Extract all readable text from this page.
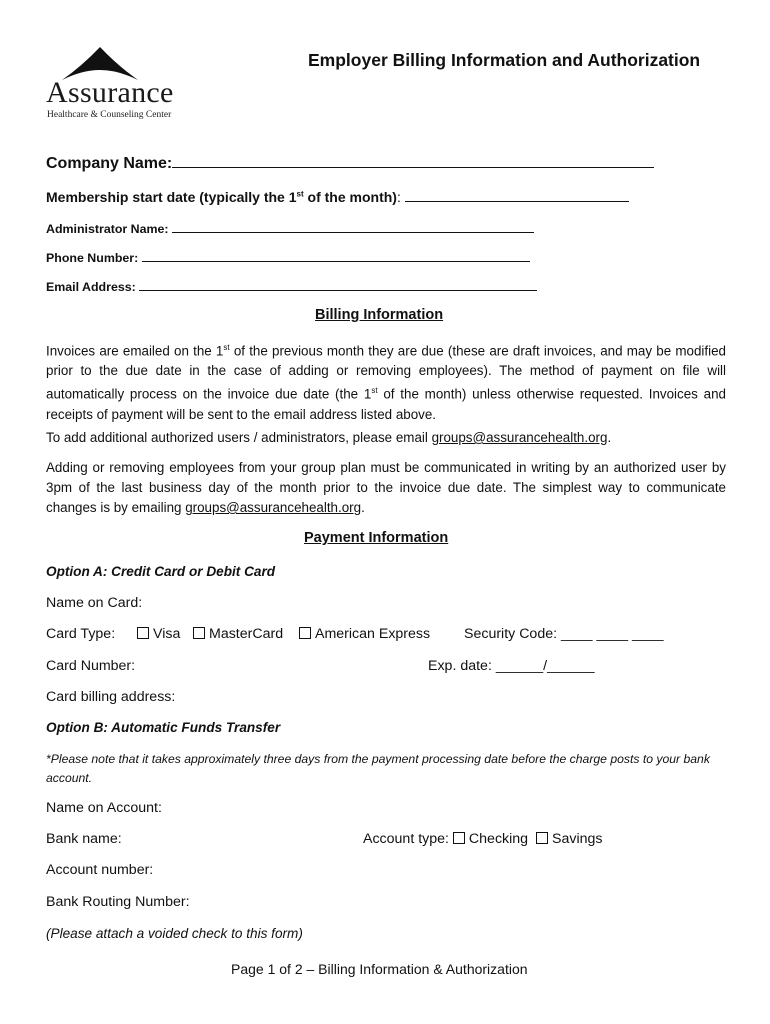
Assurance
Healthcare & Counseling Center
Employer Billing Information and Authorization
Company Name:
Membership start date (typically the 1st of the month):
Administrator Name:
Phone Number:
Email Address:
Billing Information
Invoices are emailed on the 1st of the previous month they are due (these are draft invoices, and may be modified prior to the due date in the case of adding or removing employees). The method of payment on file will automatically process on the invoice due date (the 1st of the month) unless otherwise requested. Invoices and receipts of payment will be sent to the email address listed above.
To add additional authorized users / administrators, please email groups@assurancehealth.org.
Adding or removing employees from your group plan must be communicated in writing by an authorized user by 3pm of the last business day of the month prior to the invoice due date. The simplest way to communicate changes is by emailing groups@assurancehealth.org.
Payment Information
Option A: Credit Card or Debit Card
Name on Card:
Card Type:	Visa	MasterCard	American Express Security Code: ____ ____ ____
Card Number:	Exp. date: ______/______
Card billing address:
Option B: Automatic Funds Transfer
*Please note that it takes approximately three days from the payment processing date before the charge posts to your bank account.
Name on Account:
Bank name:	Account type: Checking Savings
Account number:
Bank Routing Number:
(Please attach a voided check to this form)
Page 1 of 2 – Billing Information & Authorization
